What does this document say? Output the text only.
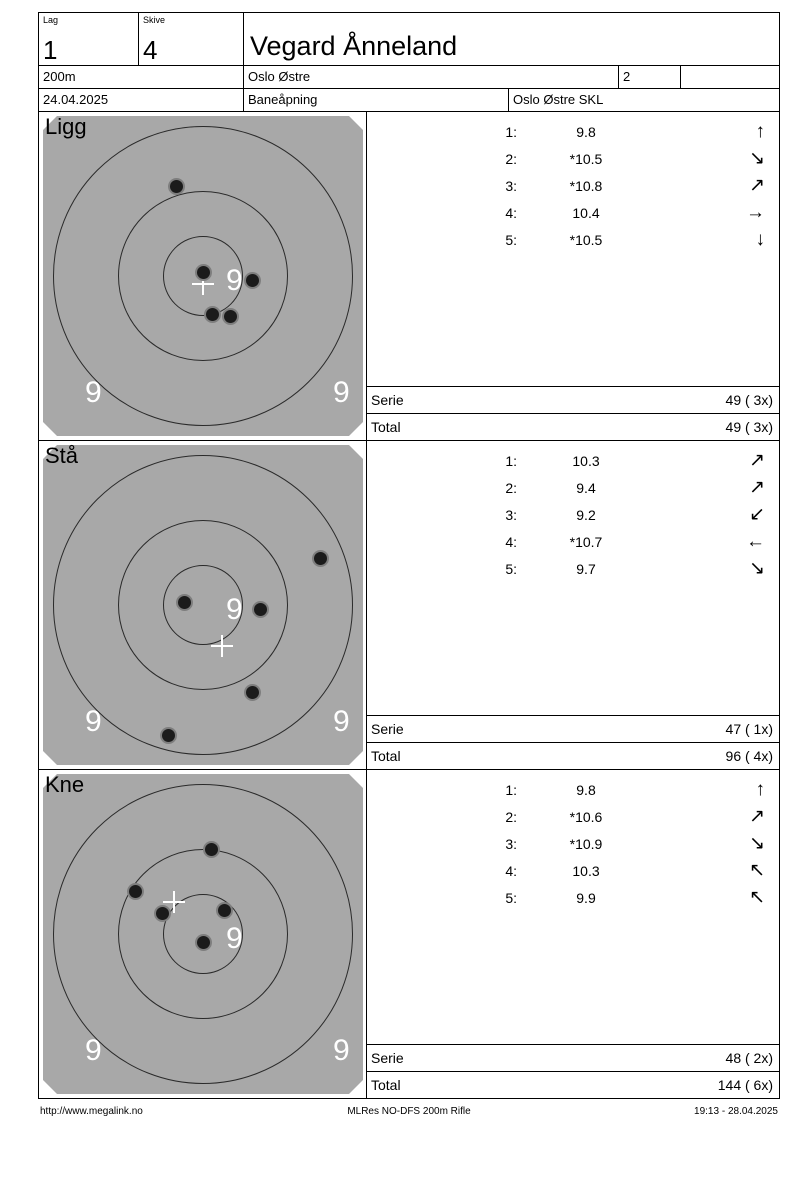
Lag
1
Skive
4	Vegard Ånneland
200m	Oslo Østre	2
24.04.2025	Baneåpning	Oslo Østre SKL
9
9	9
Ligg	1:	9.8	↑
2:	*10.5	↘
3:	*10.8	↗
4:	10.4	→
5:	*10.5	↓
Serie	49 ( 3x)
Total	49 ( 3x)
9
9	9
Stå	1:	10.3	↗
2:	9.4	↗
3:	9.2	↙
4:	*10.7	←
5:	9.7	↘
Serie	47 ( 1x)
Total	96 ( 4x)
9
9	9
9
Kne	1:	9.8	↑
2:	*10.6	↗
3:	*10.9	↘
4:	10.3	↖
5:	9.9	↖
Serie	48 ( 2x)
Total	144 ( 6x)
http://www.megalink.no	MLRes NO-DFS 200m Rifle	19:13 - 28.04.2025
